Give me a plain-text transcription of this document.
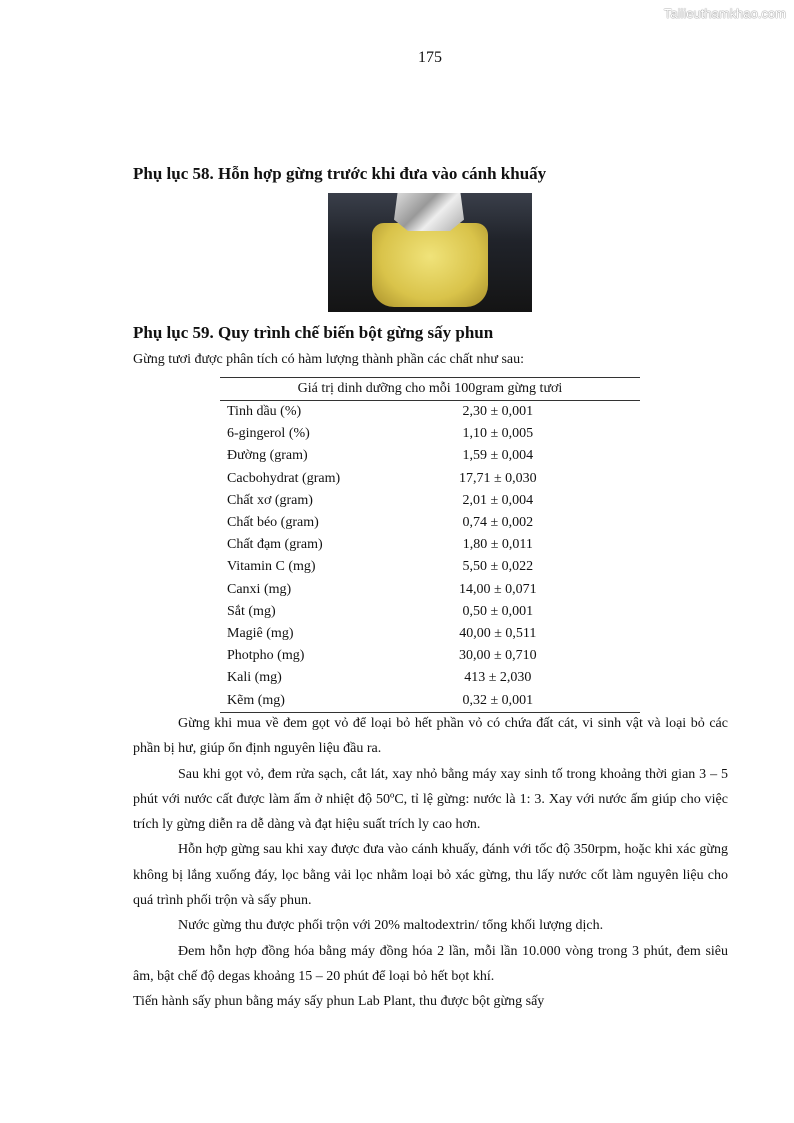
Tailieuthamkhao.com
175
Phụ lục 58. Hỗn hợp gừng trước khi đưa vào cánh khuấy
Phụ lục 59. Quy trình chế biến bột gừng sấy phun
Gừng tươi được phân tích có hàm lượng thành phần các chất như sau:
Giá trị dinh dưỡng cho mỗi 100gram gừng tươi	
Tinh dầu (%)	2,30 ± 0,001
6-gingerol (%)	1,10 ± 0,005
Đường (gram)	1,59 ± 0,004
Cacbohydrat (gram)	17,71 ± 0,030
Chất xơ (gram)	2,01 ± 0,004
Chất béo (gram)	0,74 ± 0,002
Chất đạm (gram)	1,80 ± 0,011
Vitamin C (mg)	5,50 ± 0,022
Canxi (mg)	14,00 ± 0,071
Sắt (mg)	0,50 ± 0,001
Magiê (mg)	40,00 ± 0,511
Photpho (mg)	30,00 ± 0,710
Kali (mg)	413 ± 2,030
Kẽm (mg)	0,32 ± 0,001

Gừng khi mua về đem gọt vỏ để loại bỏ hết phần vỏ có chứa đất cát, vi sinh vật và loại bỏ các phần bị hư, giúp ổn định nguyên liệu đầu ra.

Sau khi gọt vỏ, đem rửa sạch, cắt lát, xay nhỏ bằng máy xay sinh tố trong khoảng thời gian 3 – 5 phút với nước cất được làm ấm ở nhiệt độ 50ºC, tỉ lệ gừng: nước là 1: 3. Xay với nước ấm giúp cho việc trích ly gừng diễn ra dễ dàng và đạt hiệu suất trích ly cao hơn.

Hỗn hợp gừng sau khi xay được đưa vào cánh khuấy, đánh với tốc độ 350rpm, hoặc khi xác gừng không bị lắng xuống đáy, lọc bằng vải lọc nhằm loại bỏ xác gừng, thu lấy nước cốt làm nguyên liệu cho quá trình phối trộn và sấy phun.

Nước gừng thu được phối trộn với 20% maltodextrin/ tổng khối lượng dịch.

Đem hỗn hợp đồng hóa bằng máy đồng hóa 2 lần, mỗi lần 10.000 vòng trong 3 phút, đem siêu âm, bật chế độ degas khoảng 15 – 20 phút để loại bỏ hết bọt khí.

Tiến hành sấy phun bằng máy sấy phun Lab Plant, thu được bột gừng sấy
